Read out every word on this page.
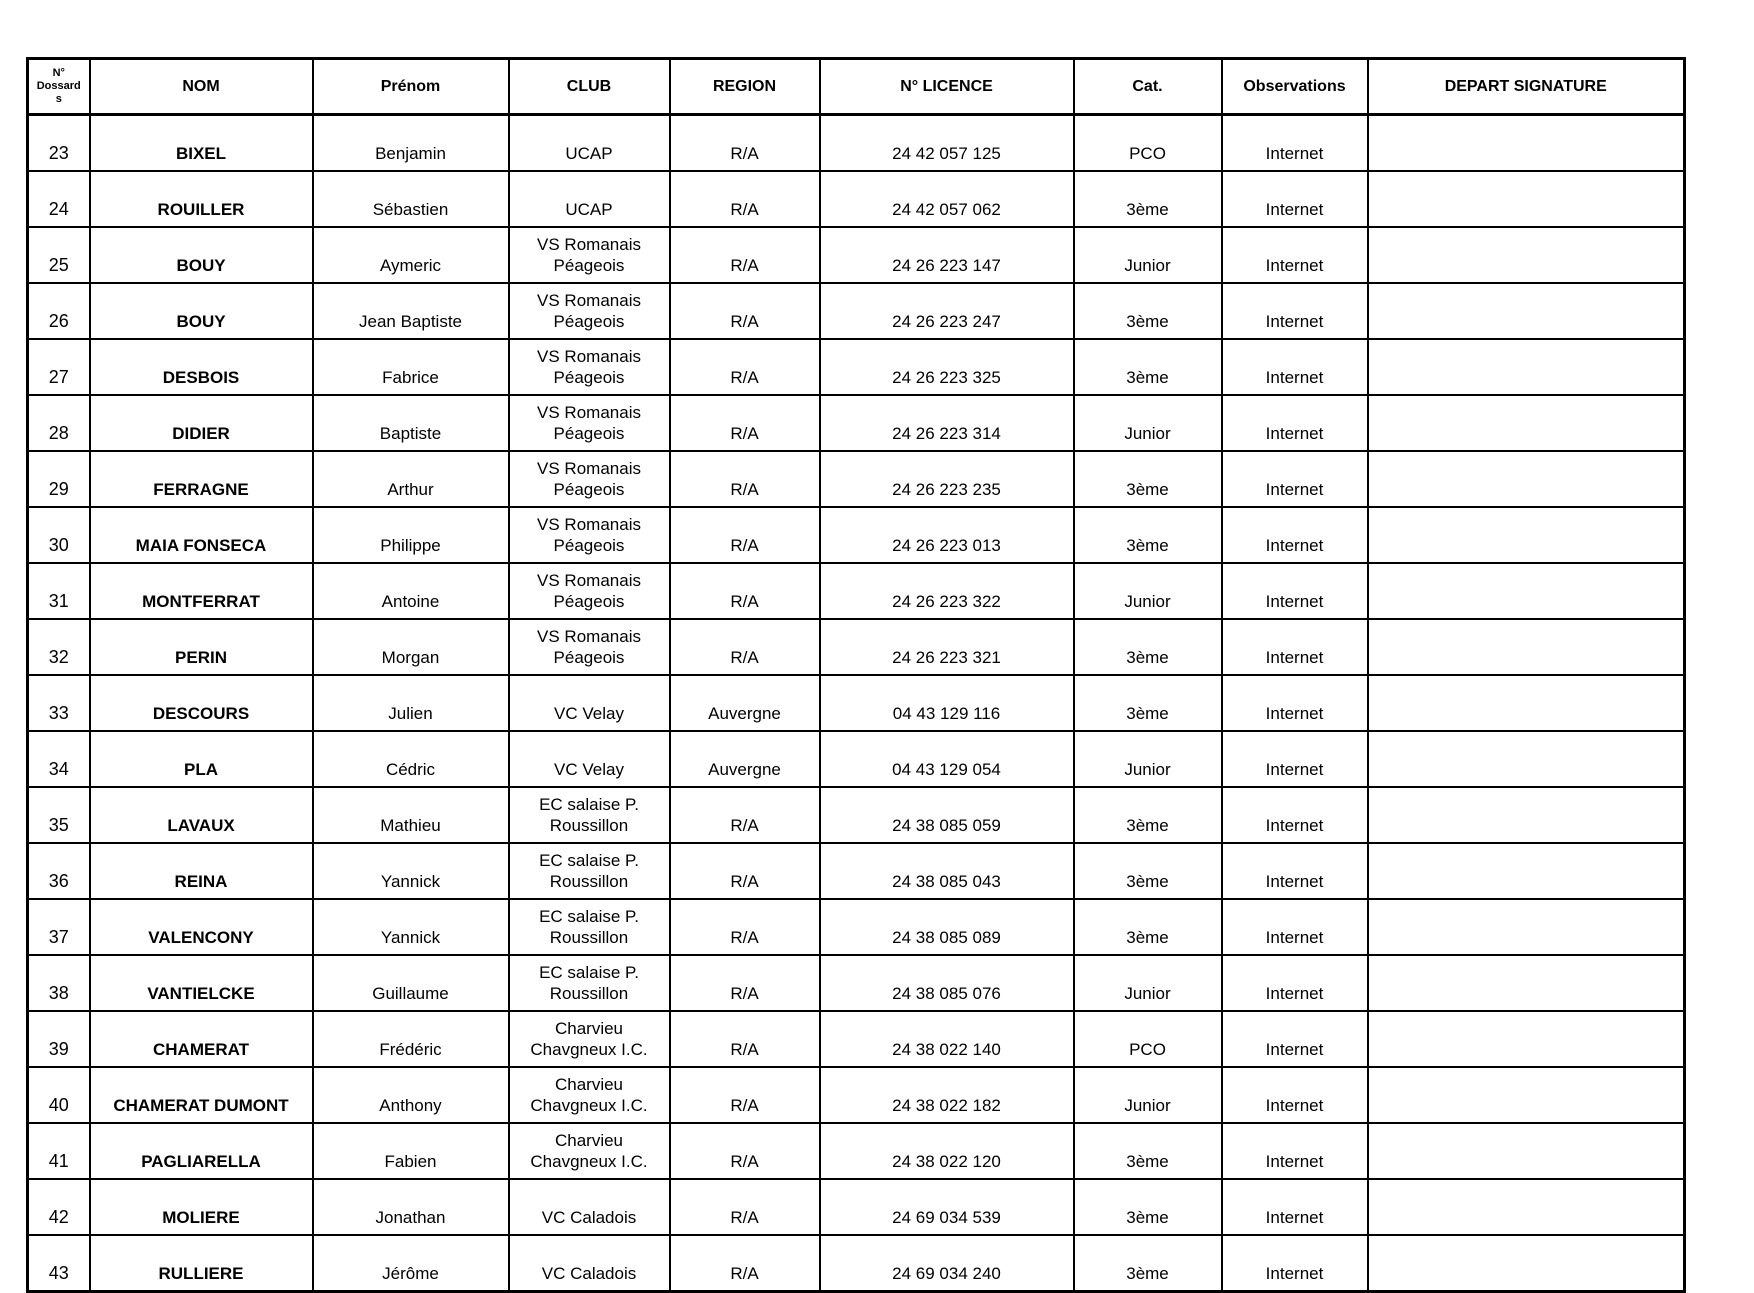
N° Dossards	NOM	Prénom	CLUB	REGION	N° LICENCE	Cat.	Observations	DEPART SIGNATURE
23	BIXEL	Benjamin	UCAP	R/A	24 42 057 125	PCO	Internet	
24	ROUILLER	Sébastien	UCAP	R/A	24 42 057 062	3ème	Internet	
25	BOUY	Aymeric	VS Romanais Péageois	R/A	24 26 223 147	Junior	Internet	
26	BOUY	Jean Baptiste	VS Romanais Péageois	R/A	24 26 223 247	3ème	Internet	
27	DESBOIS	Fabrice	VS Romanais Péageois	R/A	24 26 223 325	3ème	Internet	
28	DIDIER	Baptiste	VS Romanais Péageois	R/A	24 26 223 314	Junior	Internet	
29	FERRAGNE	Arthur	VS Romanais Péageois	R/A	24 26 223 235	3ème	Internet	
30	MAIA FONSECA	Philippe	VS Romanais Péageois	R/A	24 26 223 013	3ème	Internet	
31	MONTFERRAT	Antoine	VS Romanais Péageois	R/A	24 26 223 322	Junior	Internet	
32	PERIN	Morgan	VS Romanais Péageois	R/A	24 26 223 321	3ème	Internet	
33	DESCOURS	Julien	VC Velay	Auvergne	04 43 129 116	3ème	Internet	
34	PLA	Cédric	VC Velay	Auvergne	04 43 129 054	Junior	Internet	
35	LAVAUX	Mathieu	EC salaise P. Roussillon	R/A	24 38 085 059	3ème	Internet	
36	REINA	Yannick	EC salaise P. Roussillon	R/A	24 38 085 043	3ème	Internet	
37	VALENCONY	Yannick	EC salaise P. Roussillon	R/A	24 38 085 089	3ème	Internet	
38	VANTIELCKE	Guillaume	EC salaise P. Roussillon	R/A	24 38 085 076	Junior	Internet	
39	CHAMERAT	Frédéric	Charvieu Chavgneux I.C.	R/A	24 38 022 140	PCO	Internet	
40	CHAMERAT DUMONT	Anthony	Charvieu Chavgneux I.C.	R/A	24 38 022 182	Junior	Internet	
41	PAGLIARELLA	Fabien	Charvieu Chavgneux I.C.	R/A	24 38 022 120	3ème	Internet	
42	MOLIERE	Jonathan	VC Caladois	R/A	24 69 034 539	3ème	Internet	
43	RULLIERE	Jérôme	VC Caladois	R/A	24 69 034 240	3ème	Internet	
